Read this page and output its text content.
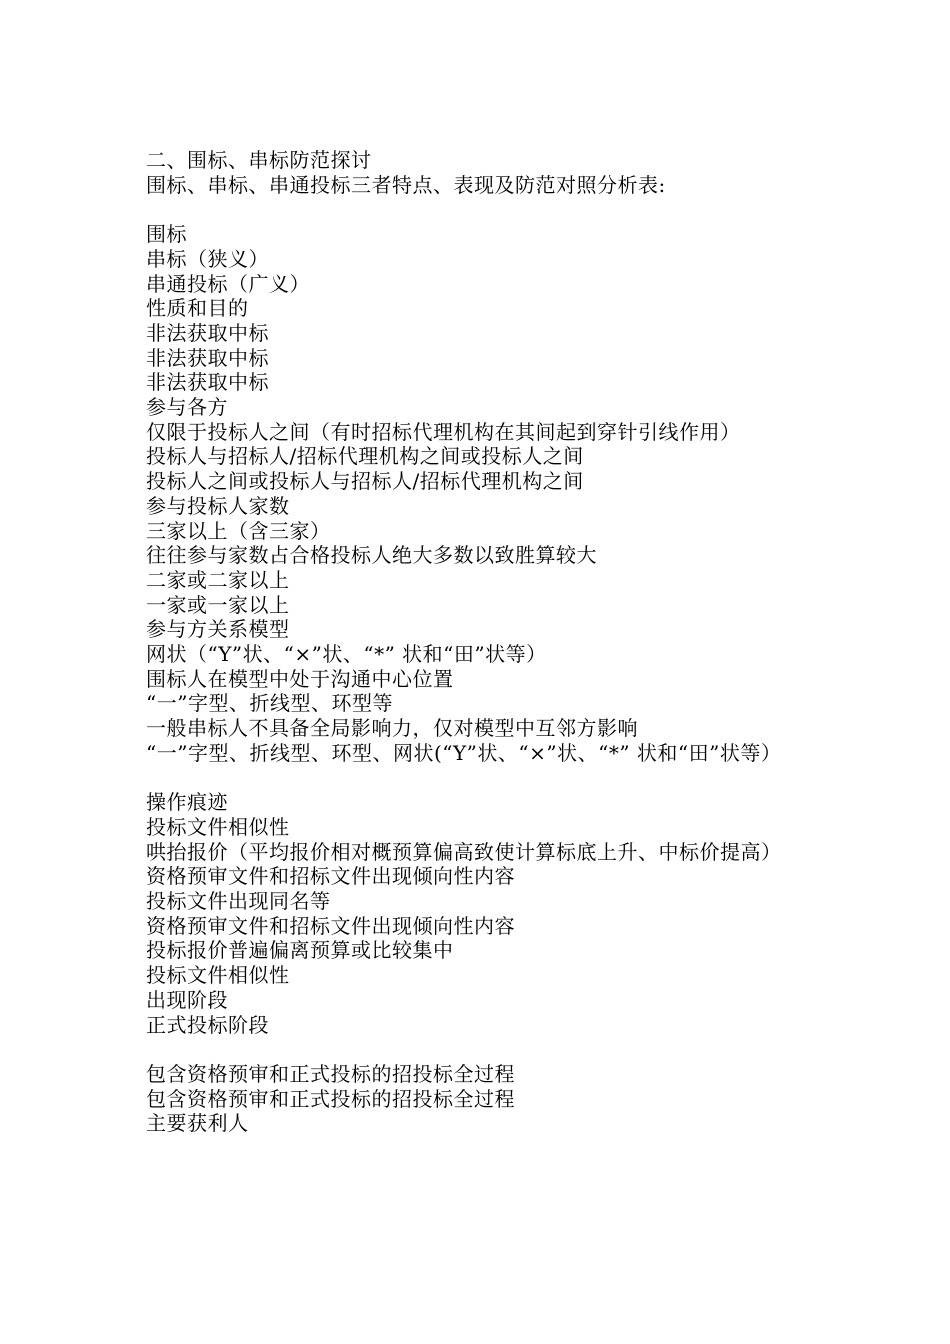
二、围标、串标防范探讨
围标、串标、串通投标三者特点、表现及防范对照分析表:
围标
串标（狭义）
串通投标（广义）
性质和目的
非法获取中标
非法获取中标
非法获取中标
参与各方
仅限于投标人之间（有时招标代理机构在其间起到穿针引线作用）
投标人与招标人/招标代理机构之间或投标人之间
投标人之间或投标人与招标人/招标代理机构之间
参与投标人家数
三家以上（含三家）
往往参与家数占合格投标人绝大多数以致胜算较大
二家或二家以上
一家或一家以上
参与方关系模型
网状（“Y”状、“×”状、“*” 状和“田”状等）
围标人在模型中处于沟通中心位置
“一”字型、折线型、环型等
一般串标人不具备全局影响力，仅对模型中互邻方影响
“一”字型、折线型、环型、网状(“Y”状、“×”状、“*” 状和“田”状等）
操作痕迹
投标文件相似性
哄抬报价（平均报价相对概预算偏高致使计算标底上升、中标价提高）
资格预审文件和招标文件出现倾向性内容
投标文件出现同名等
资格预审文件和招标文件出现倾向性内容
投标报价普遍偏离预算或比较集中
投标文件相似性
出现阶段
正式投标阶段
包含资格预审和正式投标的招投标全过程
包含资格预审和正式投标的招投标全过程
主要获利人
